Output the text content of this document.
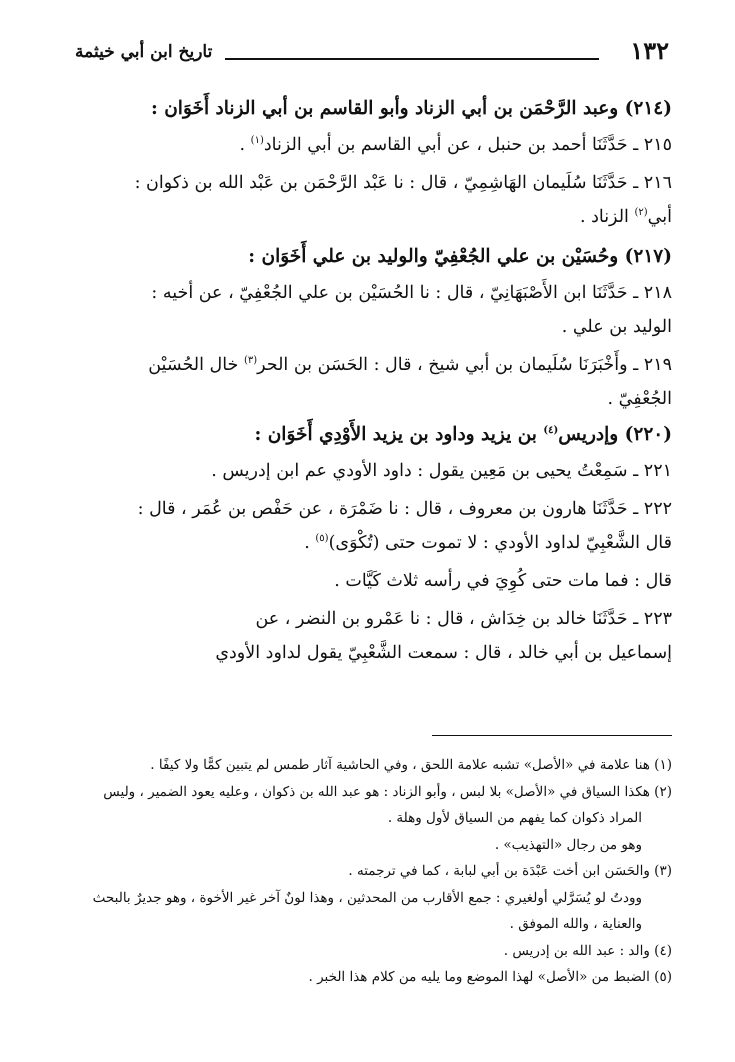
١٣٢
تاريخ ابن أبي خيثمة
(٢١٤) وعبد الرَّحْمَن بن أبي الزناد وأبو القاسم بن أبي الزناد أَخَوَان :
٢١٥ ـ حَدَّثَنَا أحمد بن حنبل ، عن أبي القاسم بن أبي الزناد$^{(١)}$ .
٢١٦ ـ حَدَّثَنَا سُلَيمان الهَاشِمِيّ ، قال : نا عَبْد الرَّحْمَن بن عَبْد الله بن ذكوان :
أبي$^{(٢)}$ الزناد .
(٢١٧) وحُسَيْن بن علي الجُعْفِيّ والوليد بن علي أَخَوَان :
٢١٨ ـ حَدَّثَنَا ابن الأَصْبَهَانِيّ ، قال : نا الحُسَيْن بن علي الجُعْفِيّ ، عن أخيه :
الوليد بن علي .
٢١٩ ـ وأَخْبَرَنَا سُلَيمان بن أبي شيخ ، قال : الحَسَن بن الحر$^{(٣)}$ خال الحُسَيْن
الجُعْفِيّ .
(٢٢٠) وإدريس$^{(٤)}$ بن يزيد وداود بن يزيد الأَوْدِي أَخَوَان :
٢٢١ ـ سَمِعْتُ يحيى بن مَعِين يقول : داود الأودي عم ابن إدريس .
٢٢٢ ـ حَدَّثَنَا هارون بن معروف ، قال : نا ضَمْرَة ، عن حَفْص بن عُمَر ، قال :
قال الشَّعْبِيّ لداود الأودي : لا تموت حتى (تُكْوَى)$^{(٥)}$ .
قال : فما مات حتى كُوِيَ في رأسه ثلاث كَيَّات .
٢٢٣ ـ حَدَّثَنَا خالد بن خِدَاش ، قال : نا عَمْرو بن النضر ، عن
إسماعيل بن أبي خالد ، قال : سمعت الشَّعْبِيّ يقول لداود الأودي
(١) هنا علامة في «الأصل» تشبه علامة اللحق ، وفي الحاشية آثار طمس لم يتبين كمًّا ولا كيفًا .
(٢) هكذا السياق في «الأصل» بلا لبس ، وأبو الزناد : هو عبد الله بن ذكوان ، وعليه يعود الضمير ، وليس
المراد ذكوان كما يفهم من السياق لأول وهلة .
وهو من رجال «التهذيب» .
(٣) والحَسَن ابن أخت عَبْدَة بن أبي لبابة ، كما في ترجمته .
وودتُ لو يُسَرَّلي أولغيري : جمع الأقارب من المحدثين ، وهذا لونٌ آخر غير الأخوة ، وهو جديرٌ بالبحث
والعناية ، والله الموفق .
(٤) والد : عبد الله بن إدريس .
(٥) الضبط من «الأصل» لهذا الموضع وما يليه من كلام هذا الخبر .
